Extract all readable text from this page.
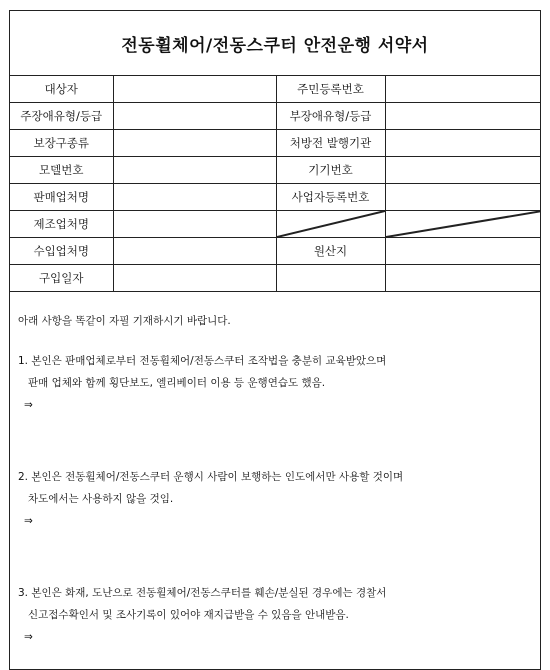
전동휠체어/전동스쿠터 안전운행 서약서
대상자		주민등록번호	
주장애유형/등급		부장애유형/등급	
보장구종류		처방전 발행기관	
모델번호		기기번호	
판매업처명		사업자등록번호	
제조업처명		

수입업처명		원산지	
구입일자			

아래 사항을 똑같이 자필 기재하시기 바랍니다.

1. 본인은 판매업체로부터 전동휠체어/전동스쿠터 조작법을 충분히 교육받았으며
판매 업체와 함께 횡단보도, 엘리베이터 이용 등 운행연습도 했음.
⇒
2. 본인은 전동휠체어/전동스쿠터 운행시 사람이 보행하는 인도에서만 사용할 것이며
차도에서는 사용하지 않을 것임.
⇒
3. 본인은 화재, 도난으로 전동휠체어/전동스쿠터를 훼손/분실된 경우에는 경찰서
신고접수확인서 및 조사기록이 있어야 재지급받을 수 있음을 안내받음.
⇒
